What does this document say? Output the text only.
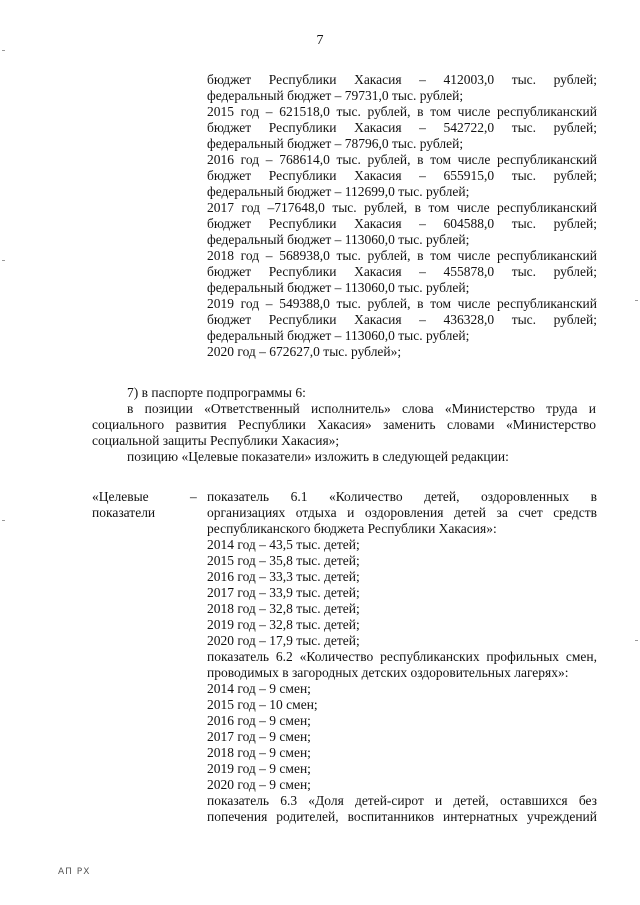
7
бюджет Республики Хакасия – 412003,0 тыс. рублей;
федеральный бюджет – 79731,0 тыс. рублей;
2015 год – 621518,0 тыс. рублей, в том числе республиканский
бюджет Республики Хакасия – 542722,0 тыс. рублей;
федеральный бюджет – 78796,0 тыс. рублей;
2016 год – 768614,0 тыс. рублей, в том числе республиканский
бюджет Республики Хакасия – 655915,0 тыс. рублей;
федеральный бюджет – 112699,0 тыс. рублей;
2017 год –717648,0 тыс. рублей, в том числе республиканский
бюджет Республики Хакасия – 604588,0 тыс. рублей;
федеральный бюджет – 113060,0 тыс. рублей;
2018 год – 568938,0 тыс. рублей, в том числе республиканский
бюджет Республики Хакасия – 455878,0 тыс. рублей;
федеральный бюджет – 113060,0 тыс. рублей;
2019 год – 549388,0 тыс. рублей, в том числе республиканский
бюджет Республики Хакасия – 436328,0 тыс. рублей;
федеральный бюджет – 113060,0 тыс. рублей;
2020 год – 672627,0 тыс. рублей»;
7) в паспорте подпрограммы 6:
в позиции «Ответственный исполнитель» слова «Министерство труда и
социального развития Республики Хакасия» заменить словами «Министерство
социальной защиты Республики Хакасия»;
позицию «Целевые показатели» изложить в следующей редакции:
«Целевые
показатели
– показатель 6.1 «Количество детей, оздоровленных в
организациях отдыха и оздоровления детей за счет средств
республиканского бюджета Республики Хакасия»:
2014 год – 43,5 тыс. детей;
2015 год – 35,8 тыс. детей;
2016 год – 33,3 тыс. детей;
2017 год – 33,9 тыс. детей;
2018 год – 32,8 тыс. детей;
2019 год – 32,8 тыс. детей;
2020 год – 17,9 тыс. детей;
показатель 6.2 «Количество республиканских профильных смен,
проводимых в загородных детских оздоровительных лагерях»:
2014 год – 9 смен;
2015 год – 10 смен;
2016 год – 9 смен;
2017 год – 9 смен;
2018 год – 9 смен;
2019 год – 9 смен;
2020 год – 9 смен;
показатель 6.3 «Доля детей-сирот и детей, оставшихся без
попечения родителей, воспитанников интернатных учреждений
АП РХ
